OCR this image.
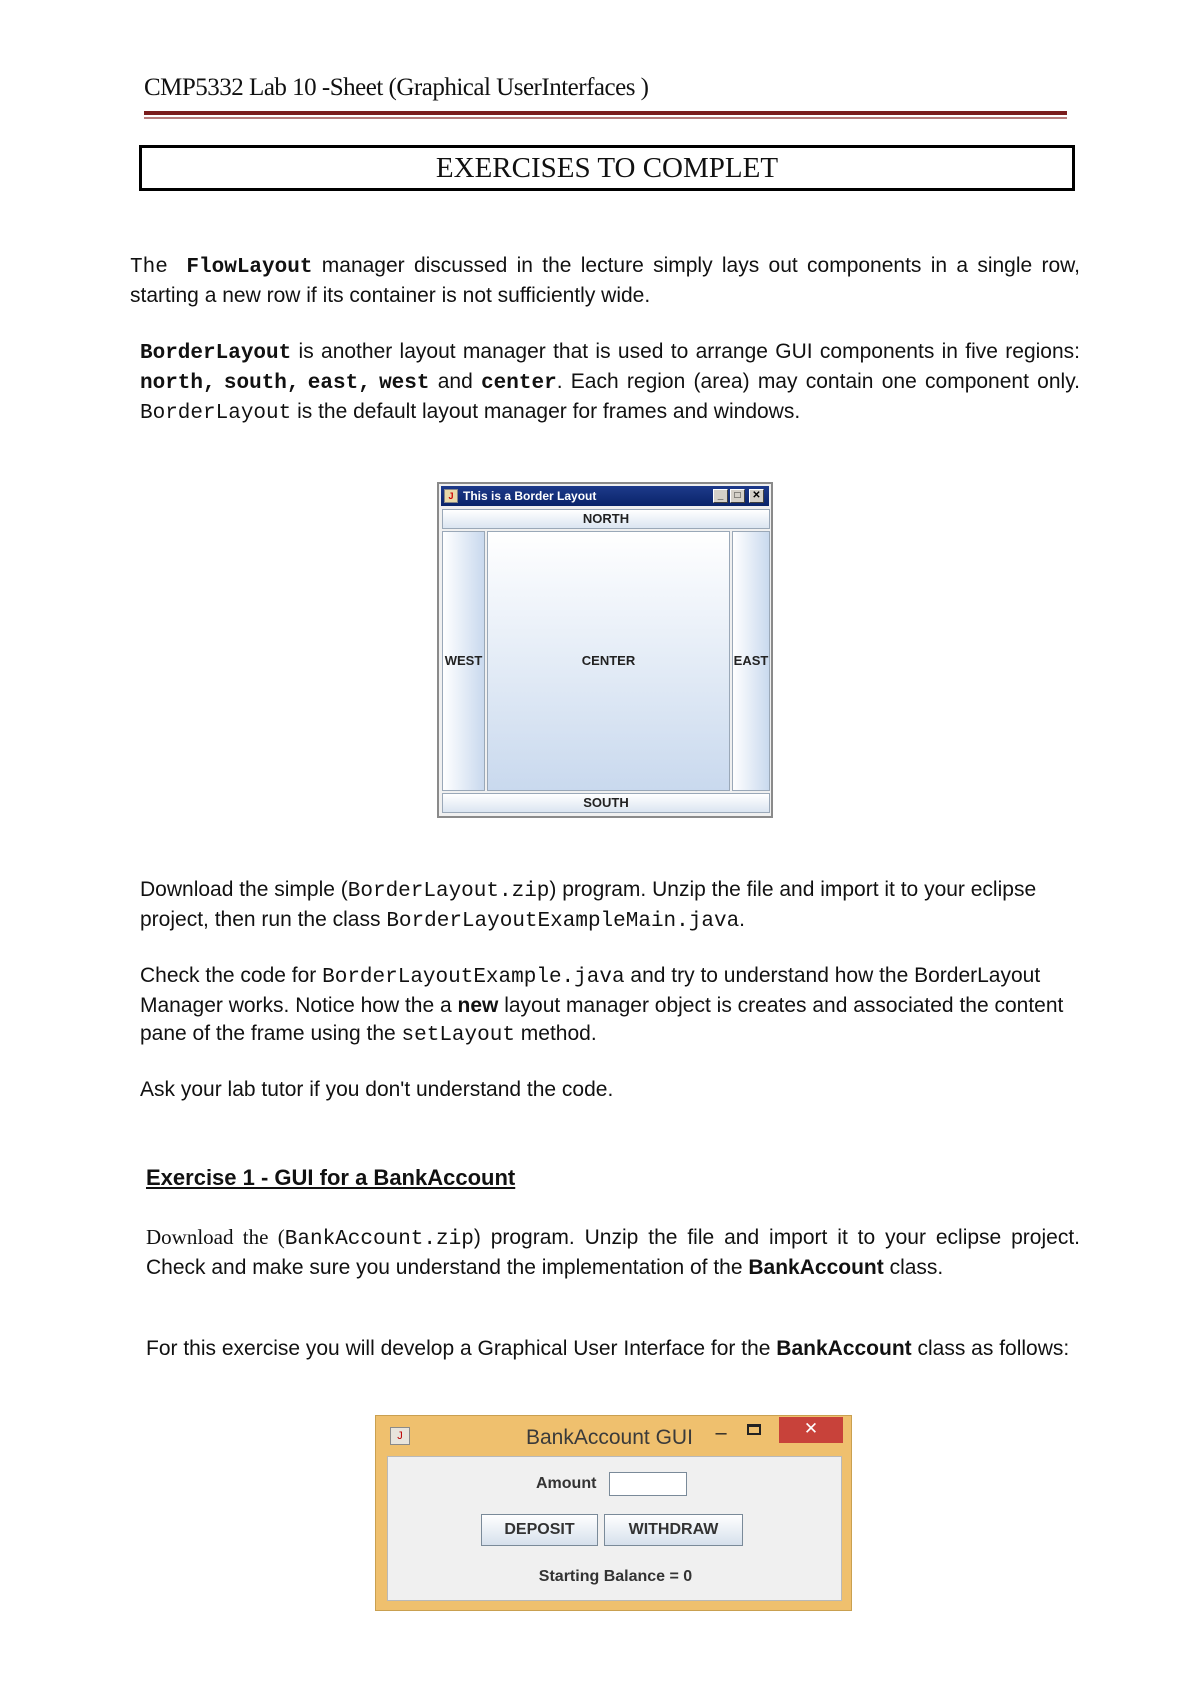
CMP5332 Lab 10 -Sheet (Graphical UserInterfaces )
EXERCISES TO COMPLET
The FlowLayout manager discussed in the lecture simply lays out components in a single row, starting a new row if its container is not sufficiently wide.
BorderLayout is another layout manager that is used to arrange GUI components in five regions: north, south, east, west and center. Each region (area) may contain one component only. BorderLayout is the default layout manager for frames and windows.
J This is a Border Layout	_	□	✕
NORTH
WEST	CENTER	EAST
SOUTH
Download the simple (BorderLayout.zip) program. Unzip the file and import it to your eclipse project, then run the class BorderLayoutExampleMain.java.
Check the code for BorderLayoutExample.java and try to understand how the BorderLayout Manager works. Notice how the a new layout manager object is creates and associated the content pane of the frame using the setLayout method.
Ask your lab tutor if you don't understand the code.
Exercise 1 - GUI for a BankAccount
Download the (BankAccount.zip) program. Unzip the file and import it to your eclipse project. Check and make sure you understand the implementation of the BankAccount class.
For this exercise you will develop a Graphical User Interface for the BankAccount class as follows:
J	BankAccount GUI	–	✕
Amount
DEPOSIT	WITHDRAW
Starting Balance = 0
